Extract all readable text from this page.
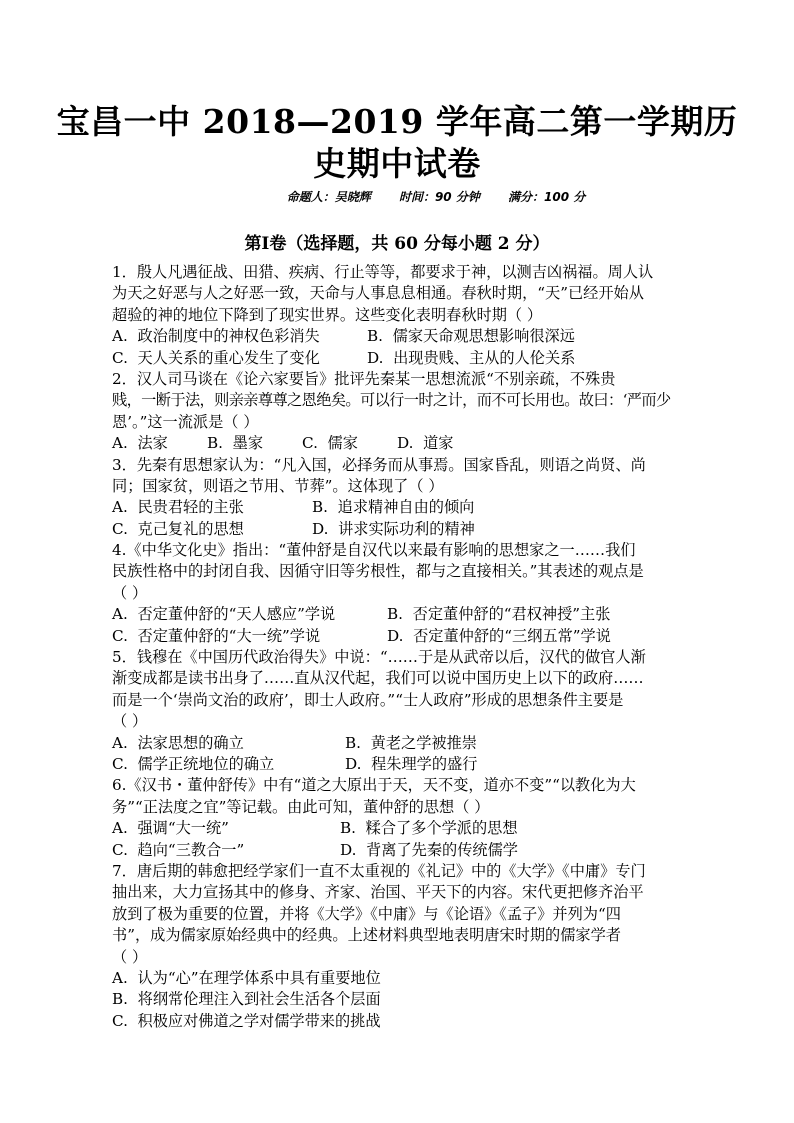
宝昌一中 2018—2019 学年高二第一学期历
史期中试卷
命题人：吴晓辉 时间：90 分钟 满分：100 分
第Ⅰ卷（选择题，共 60 分每小题 2 分）
1．殷人凡遇征战、田猎、疾病、行止等等，都要求于神，以测吉凶祸福。周人认
为天之好恶与人之好恶一致，天命与人事息息相通。春秋时期，“天”已经开始从
超验的神的地位下降到了现实世界。这些变化表明春秋时期（ ）
A.  政治制度中的神权色彩消失	B.  儒家天命观思想影响很深远
C.  天人关系的重心发生了变化	D.  出现贵贱、主从的人伦关系
2．汉人司马谈在《论六家要旨》批评先秦某一思想流派“不别亲疏，不殊贵
贱，一断于法，则亲亲尊尊之恩绝矣。可以行一时之计，而不可长用也。故曰：‘严而少
恩’。”这一流派是（ ）
A.  法家	B.  墨家	C.  儒家	D.  道家
3．先秦有思想家认为：“凡入国，必择务而从事焉。国家昏乱，则语之尚贤、尚
同；国家贫，则语之节用、节葬”。这体现了（ ）
A.  民贵君轻的主张	B.  追求精神自由的倾向
C.  克己复礼的思想	D.  讲求实际功利的精神
4.《中华文化史》指出：“董仲舒是自汉代以来最有影响的思想家之一……我们
民族性格中的封闭自我、因循守旧等劣根性，都与之直接相关。”其表述的观点是
（ ）
A.  否定董仲舒的“天人感应”学说	B.  否定董仲舒的“君权神授”主张
C.  否定董仲舒的“大一统”学说	D.  否定董仲舒的“三纲五常”学说
5．钱穆在《中国历代政治得失》中说：“……于是从武帝以后，汉代的做官人渐
渐变成都是读书出身了……直从汉代起，我们可以说中国历史上以下的政府……
而是一个‘崇尚文治的政府’，即士人政府。”“士人政府”形成的思想条件主要是
（ ）
A.  法家思想的确立	B.  黄老之学被推崇
C.  儒学正统地位的确立	D.  程朱理学的盛行
6.《汉书・董仲舒传》中有“道之大原出于天，天不变，道亦不变”“以教化为大
务”“正法度之宜”等记载。由此可知，董仲舒的思想（ ）
A.  强调“大一统”	B.  糅合了多个学派的思想
C.  趋向“三教合一”	D.  背离了先秦的传统儒学
7．唐后期的韩愈把经学家们一直不太重视的《礼记》中的《大学》《中庸》专门
抽出来，大力宣扬其中的修身、齐家、治国、平天下的内容。宋代更把修齐治平
放到了极为重要的位置，并将《大学》《中庸》与《论语》《孟子》并列为“四
书”，成为儒家原始经典中的经典。上述材料典型地表明唐宋时期的儒家学者
（ ）
A.  认为“心”在理学体系中具有重要地位
B.  将纲常伦理注入到社会生活各个层面
C.  积极应对佛道之学对儒学带来的挑战
